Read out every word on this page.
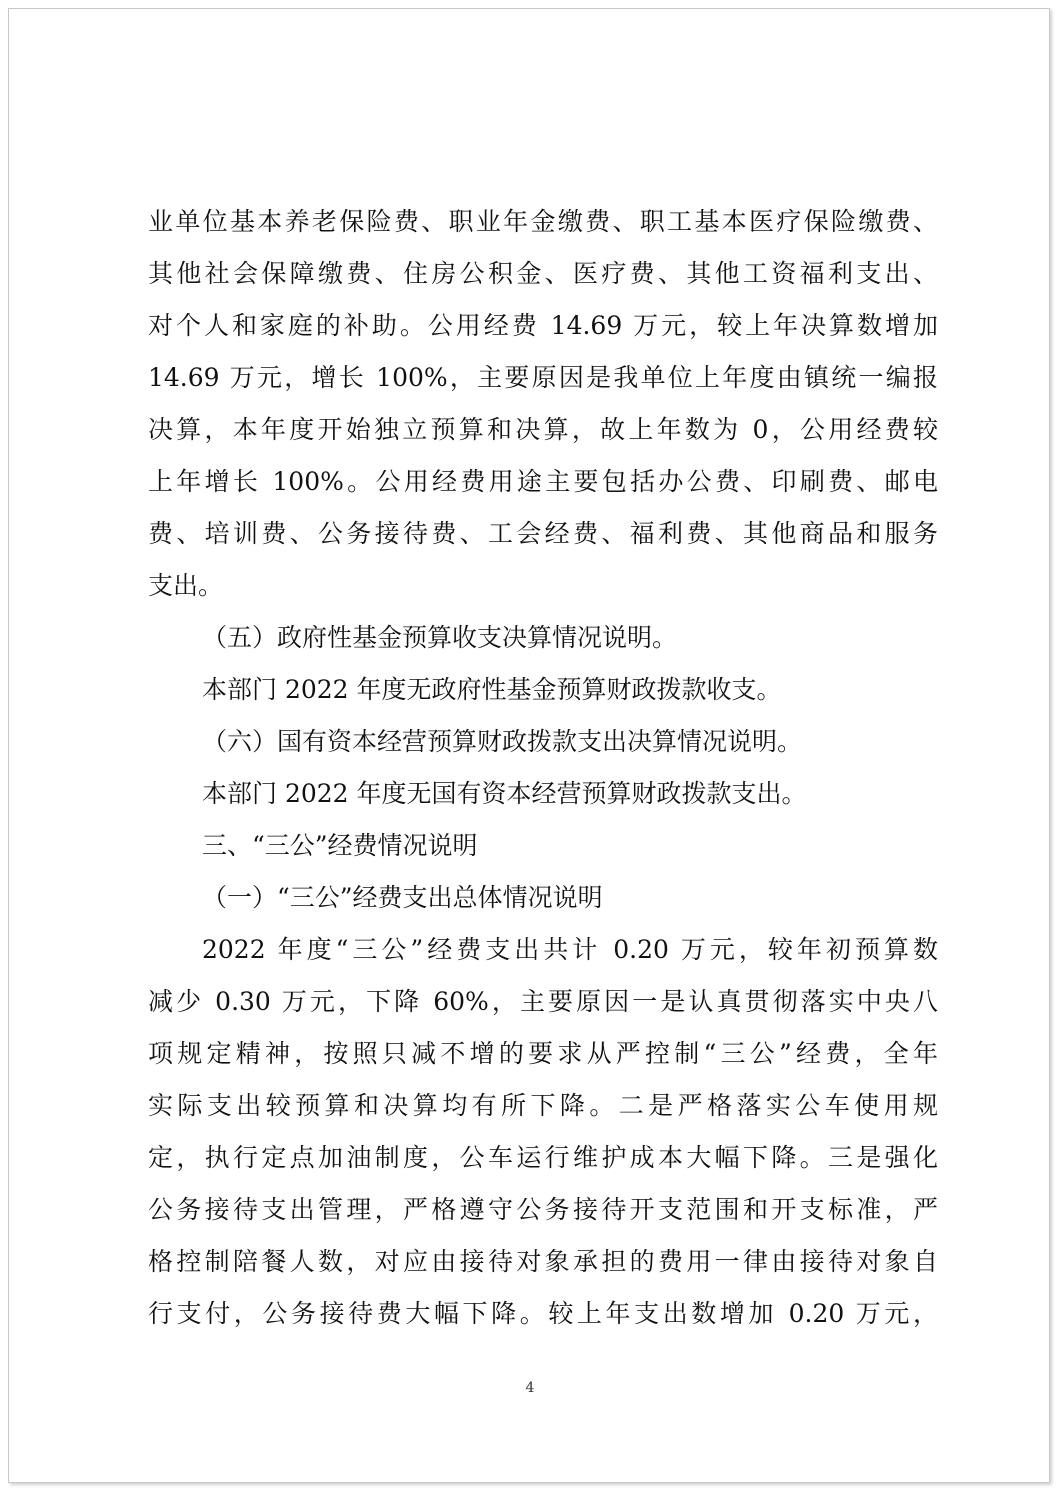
业单位基本养老保险费、职业年金缴费、职工基本医疗保险缴费、
其他社会保障缴费、住房公积金、医疗费、其他工资福利支出、
对个人和家庭的补助。公用经费 14.69 万元，较上年决算数增加
14.69 万元，增长 100%，主要原因是我单位上年度由镇统一编报
决算，本年度开始独立预算和决算，故上年数为 0，公用经费较
上年增长 100%。公用经费用途主要包括办公费、印刷费、邮电
费、培训费、公务接待费、工会经费、福利费、其他商品和服务
支出。
（五）政府性基金预算收支决算情况说明。
本部门 2022 年度无政府性基金预算财政拨款收支。
（六）国有资本经营预算财政拨款支出决算情况说明。
本部门 2022 年度无国有资本经营预算财政拨款支出。
三、“三公”经费情况说明
（一）“三公”经费支出总体情况说明
2022 年度“三公”经费支出共计 0.20 万元，较年初预算数
减少 0.30 万元，下降 60%，主要原因一是认真贯彻落实中央八
项规定精神，按照只减不增的要求从严控制“三公”经费，全年
实际支出较预算和决算均有所下降。二是严格落实公车使用规
定，执行定点加油制度，公车运行维护成本大幅下降。三是强化
公务接待支出管理，严格遵守公务接待开支范围和开支标准，严
格控制陪餐人数，对应由接待对象承担的费用一律由接待对象自
行支付，公务接待费大幅下降。较上年支出数增加 0.20 万元，
4
